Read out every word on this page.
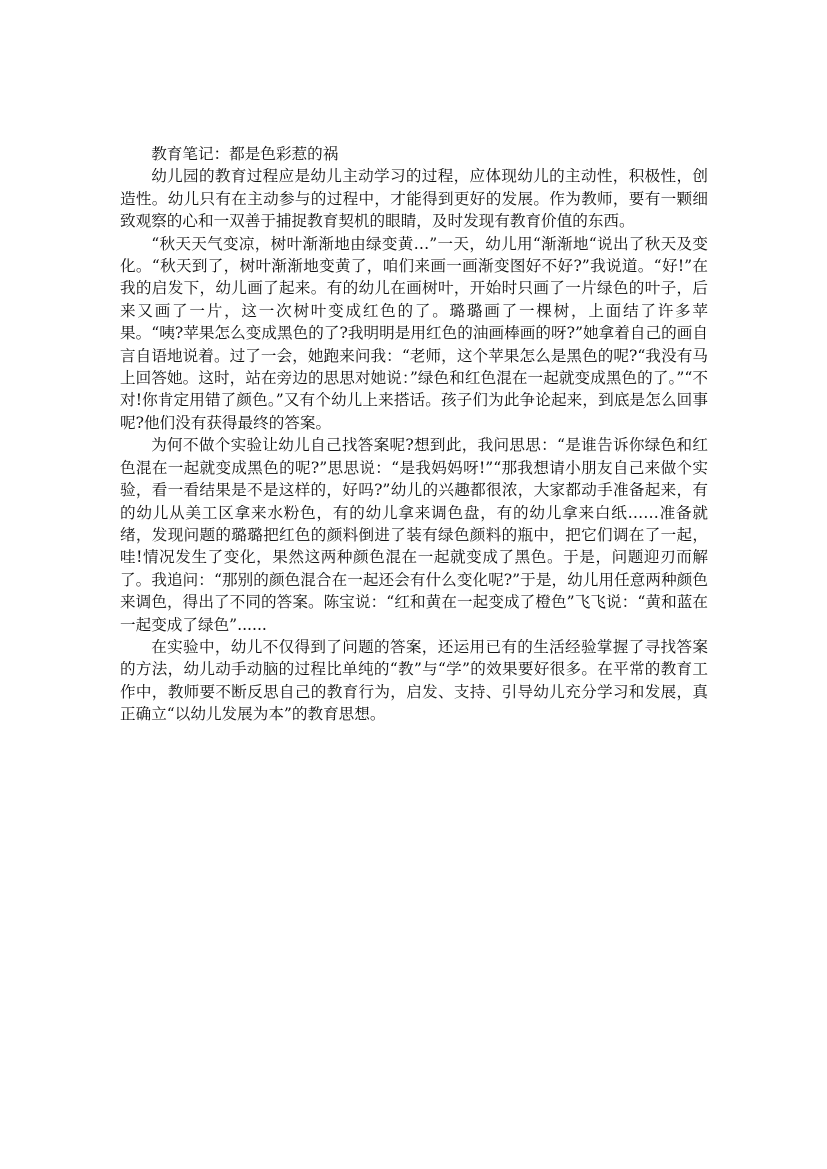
教育笔记：都是色彩惹的祸

幼儿园的教育过程应是幼儿主动学习的过程，应体现幼儿的主动性，积极性，创造性。幼儿只有在主动参与的过程中，才能得到更好的发展。作为教师，要有一颗细致观察的心和一双善于捕捉教育契机的眼睛，及时发现有教育价值的东西。

“秋天天气变凉，树叶渐渐地由绿变黄…”一天，幼儿用“渐渐地“说出了秋天及变化。“秋天到了，树叶渐渐地变黄了，咱们来画一画渐变图好不好?”我说道。“好!”在我的启发下，幼儿画了起来。有的幼儿在画树叶，开始时只画了一片绿色的叶子，后来又画了一片，这一次树叶变成红色的了。璐璐画了一棵树，上面结了许多苹果。“咦?苹果怎么变成黑色的了?我明明是用红色的油画棒画的呀?”她拿着自己的画自言自语地说着。过了一会，她跑来问我：“老师，这个苹果怎么是黑色的呢?“我没有马上回答她。这时，站在旁边的思思对她说：”绿色和红色混在一起就变成黑色的了。”“不对!你肯定用错了颜色。”又有个幼儿上来搭话。孩子们为此争论起来，到底是怎么回事呢?他们没有获得最终的答案。

为何不做个实验让幼儿自己找答案呢?想到此，我问思思：“是谁告诉你绿色和红色混在一起就变成黑色的呢?”思思说：“是我妈妈呀!”“那我想请小朋友自己来做个实验，看一看结果是不是这样的，好吗?”幼儿的兴趣都很浓，大家都动手准备起来，有的幼儿从美工区拿来水粉色，有的幼儿拿来调色盘，有的幼儿拿来白纸……准备就绪，发现问题的璐璐把红色的颜料倒进了装有绿色颜料的瓶中，把它们调在了一起，哇!情况发生了变化，果然这两种颜色混在一起就变成了黑色。于是，问题迎刃而解了。我追问：“那别的颜色混合在一起还会有什么变化呢?”于是，幼儿用任意两种颜色来调色，得出了不同的答案。陈宝说：“红和黄在一起变成了橙色”飞飞说：“黄和蓝在一起变成了绿色”......

在实验中，幼儿不仅得到了问题的答案，还运用已有的生活经验掌握了寻找答案的方法，幼儿动手动脑的过程比单纯的“教”与“学”的效果要好很多。在平常的教育工作中，教师要不断反思自己的教育行为，启发、支持、引导幼儿充分学习和发展，真正确立“以幼儿发展为本”的教育思想。
